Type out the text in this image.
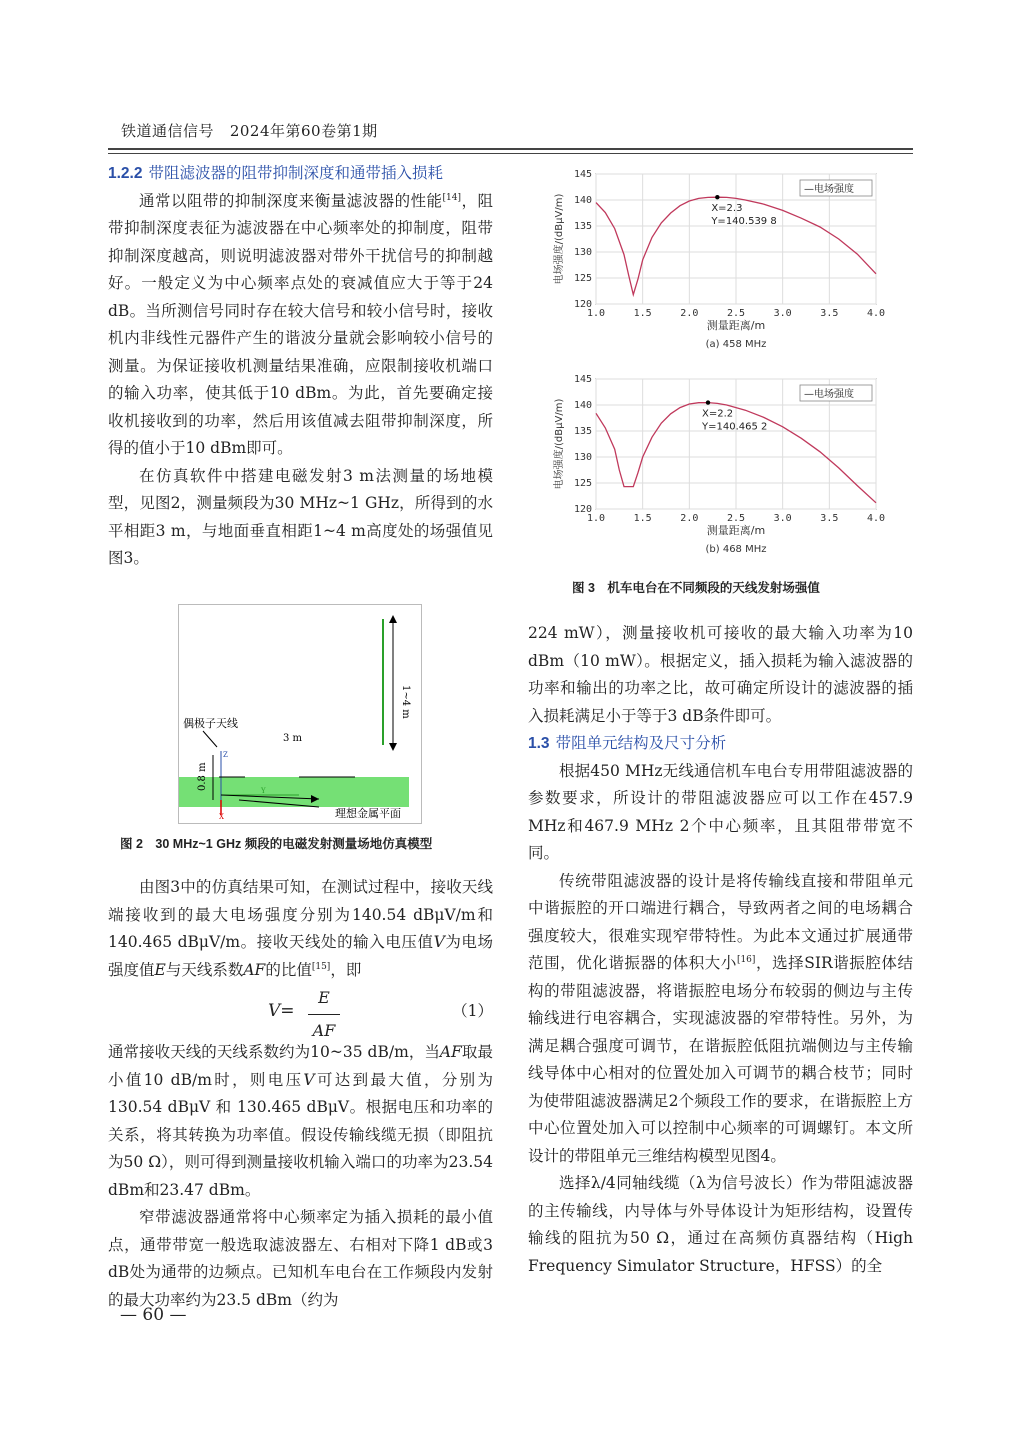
铁道通信信号 2024年第60卷第1期

1.2.2 带阻滤波器的阻带抑制深度和通带插入损耗

通常以阻带的抑制深度来衡量滤波器的性能[14]，阻带抑制深度表征为滤波器在中心频率处的抑制度，阻带抑制深度越高，则说明滤波器对带外干扰信号的抑制越好。一般定义为中心频率点处的衰减值应大于等于24 dB。当所测信号同时存在较大信号和较小信号时，接收机内非线性元器件产生的谐波分量就会影响较小信号的测量。为保证接收机测量结果准确，应限制接收机端口的输入功率，使其低于10 dBm。为此，首先要确定接收机接收到的功率，然后用该值减去阻带抑制深度，所得的值小于10 dBm即可。

在仿真软件中搭建电磁发射3 m法测量的场地模型，见图2，测量频段为30 MHz~1 GHz，所得到的水平相距3 m，与地面垂直相距1~4 m高度处的场强值见图3。

1~4 m
偶极子天线
3 m
0.8 m
Z
Y
X	理想金属平面
图 2　30 MHz~1 GHz 频段的电磁发射测量场地仿真模型

由图3中的仿真结果可知，在测试过程中，接收天线端接收到的最大电场强度分别为140.54 dBμV/m和140.465 dBμV/m。接收天线处的输入电压值V为电场强度值E与天线系数AF的比值[15]，即

V=
E
AF
（1）

通常接收天线的天线系数约为10~35 dB/m，当AF取最小值10 dB/m时，则电压V可达到最大值，分别为130.54 dBμV 和 130.465 dBμV。根据电压和功率的关系，将其转换为功率值。假设传输线缆无损（即阻抗为50 Ω），则可得到测量接收机输入端口的功率为23.54 dBm和23.47 dBm。

窄带滤波器通常将中心频率定为插入损耗的最小值点，通带带宽一般选取滤波器左、右相对下降1 dB或3 dB处为通带的边频点。已知机车电台在工作频段内发射的最大功率约为23.5 dBm（约为

1.0	1.5	2.0	2.5	3.0	3.5	4.0
145
140
135
130
125
120
X=2.3
Y=140.539 8
—电场强度
电场强度/(dBμV/m)
测量距离/m
(a) 458 MHz
1.0	1.5	2.0	2.5	3.0	3.5	4.0
145
140
135
130
125
120
X=2.2
Y=140.465 2
—电场强度
电场强度/(dBμV/m)
测量距离/m
(b) 468 MHz
图 3　机车电台在不同频段的天线发射场强值

224 mW），测量接收机可接收的最大输入功率为10 dBm（10 mW）。根据定义，插入损耗为输入滤波器的功率和输出的功率之比，故可确定所设计的滤波器的插入损耗满足小于等于3 dB条件即可。

1.3 带阻单元结构及尺寸分析

根据450 MHz无线通信机车电台专用带阻滤波器的参数要求，所设计的带阻滤波器应可以工作在457.9 MHz和467.9 MHz 2个中心频率，且其阻带带宽不同。

传统带阻滤波器的设计是将传输线直接和带阻单元中谐振腔的开口端进行耦合，导致两者之间的电场耦合强度较大，很难实现窄带特性。为此本文通过扩展通带范围，优化谐振器的体积大小[16]，选择SIR谐振腔体结构的带阻滤波器，将谐振腔电场分布较弱的侧边与主传输线进行电容耦合，实现滤波器的窄带特性。另外，为满足耦合强度可调节，在谐振腔低阻抗端侧边与主传输线导体中心相对的位置处加入可调节的耦合枝节；同时为使带阻滤波器满足2个频段工作的要求，在谐振腔上方中心位置处加入可以控制中心频率的可调螺钉。本文所设计的带阻单元三维结构模型见图4。

选择λ/4同轴线缆（λ为信号波长）作为带阻滤波器的主传输线，内导体与外导体设计为矩形结构，设置传输线的阻抗为50 Ω，通过在高频仿真器结构（High Frequency Simulator Structure，HFSS）的全

— 60 —
